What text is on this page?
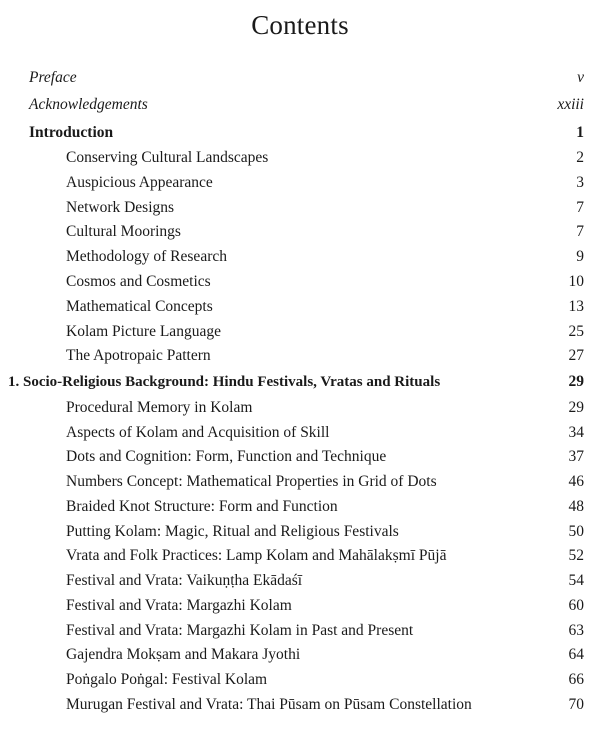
Contents
Preface	v
Acknowledgements	xxiii
Introduction	1
Conserving Cultural Landscapes	2
Auspicious Appearance	3
Network Designs	7
Cultural Moorings	7
Methodology of Research	9
Cosmos and Cosmetics	10
Mathematical Concepts	13
Kolam Picture Language	25
The Apotropaic Pattern	27
1. Socio-Religious Background: Hindu Festivals, Vratas and Rituals	29
Procedural Memory in Kolam	29
Aspects of Kolam and Acquisition of Skill	34
Dots and Cognition: Form, Function and Technique	37
Numbers Concept: Mathematical Properties in Grid of Dots	46
Braided Knot Structure: Form and Function	48
Putting Kolam: Magic, Ritual and Religious Festivals	50
Vrata and Folk Practices: Lamp Kolam and Mahālakṣmī Pūjā	52
Festival and Vrata: Vaikuṇṭha Ekādaśī	54
Festival and Vrata: Margazhi Kolam	60
Festival and Vrata: Margazhi Kolam in Past and Present	63
Gajendra Mokṣam and Makara Jyothi	64
Poṅgalo Poṅgal: Festival Kolam	66
Murugan Festival and Vrata: Thai Pūsam on Pūsam Constellation	70
